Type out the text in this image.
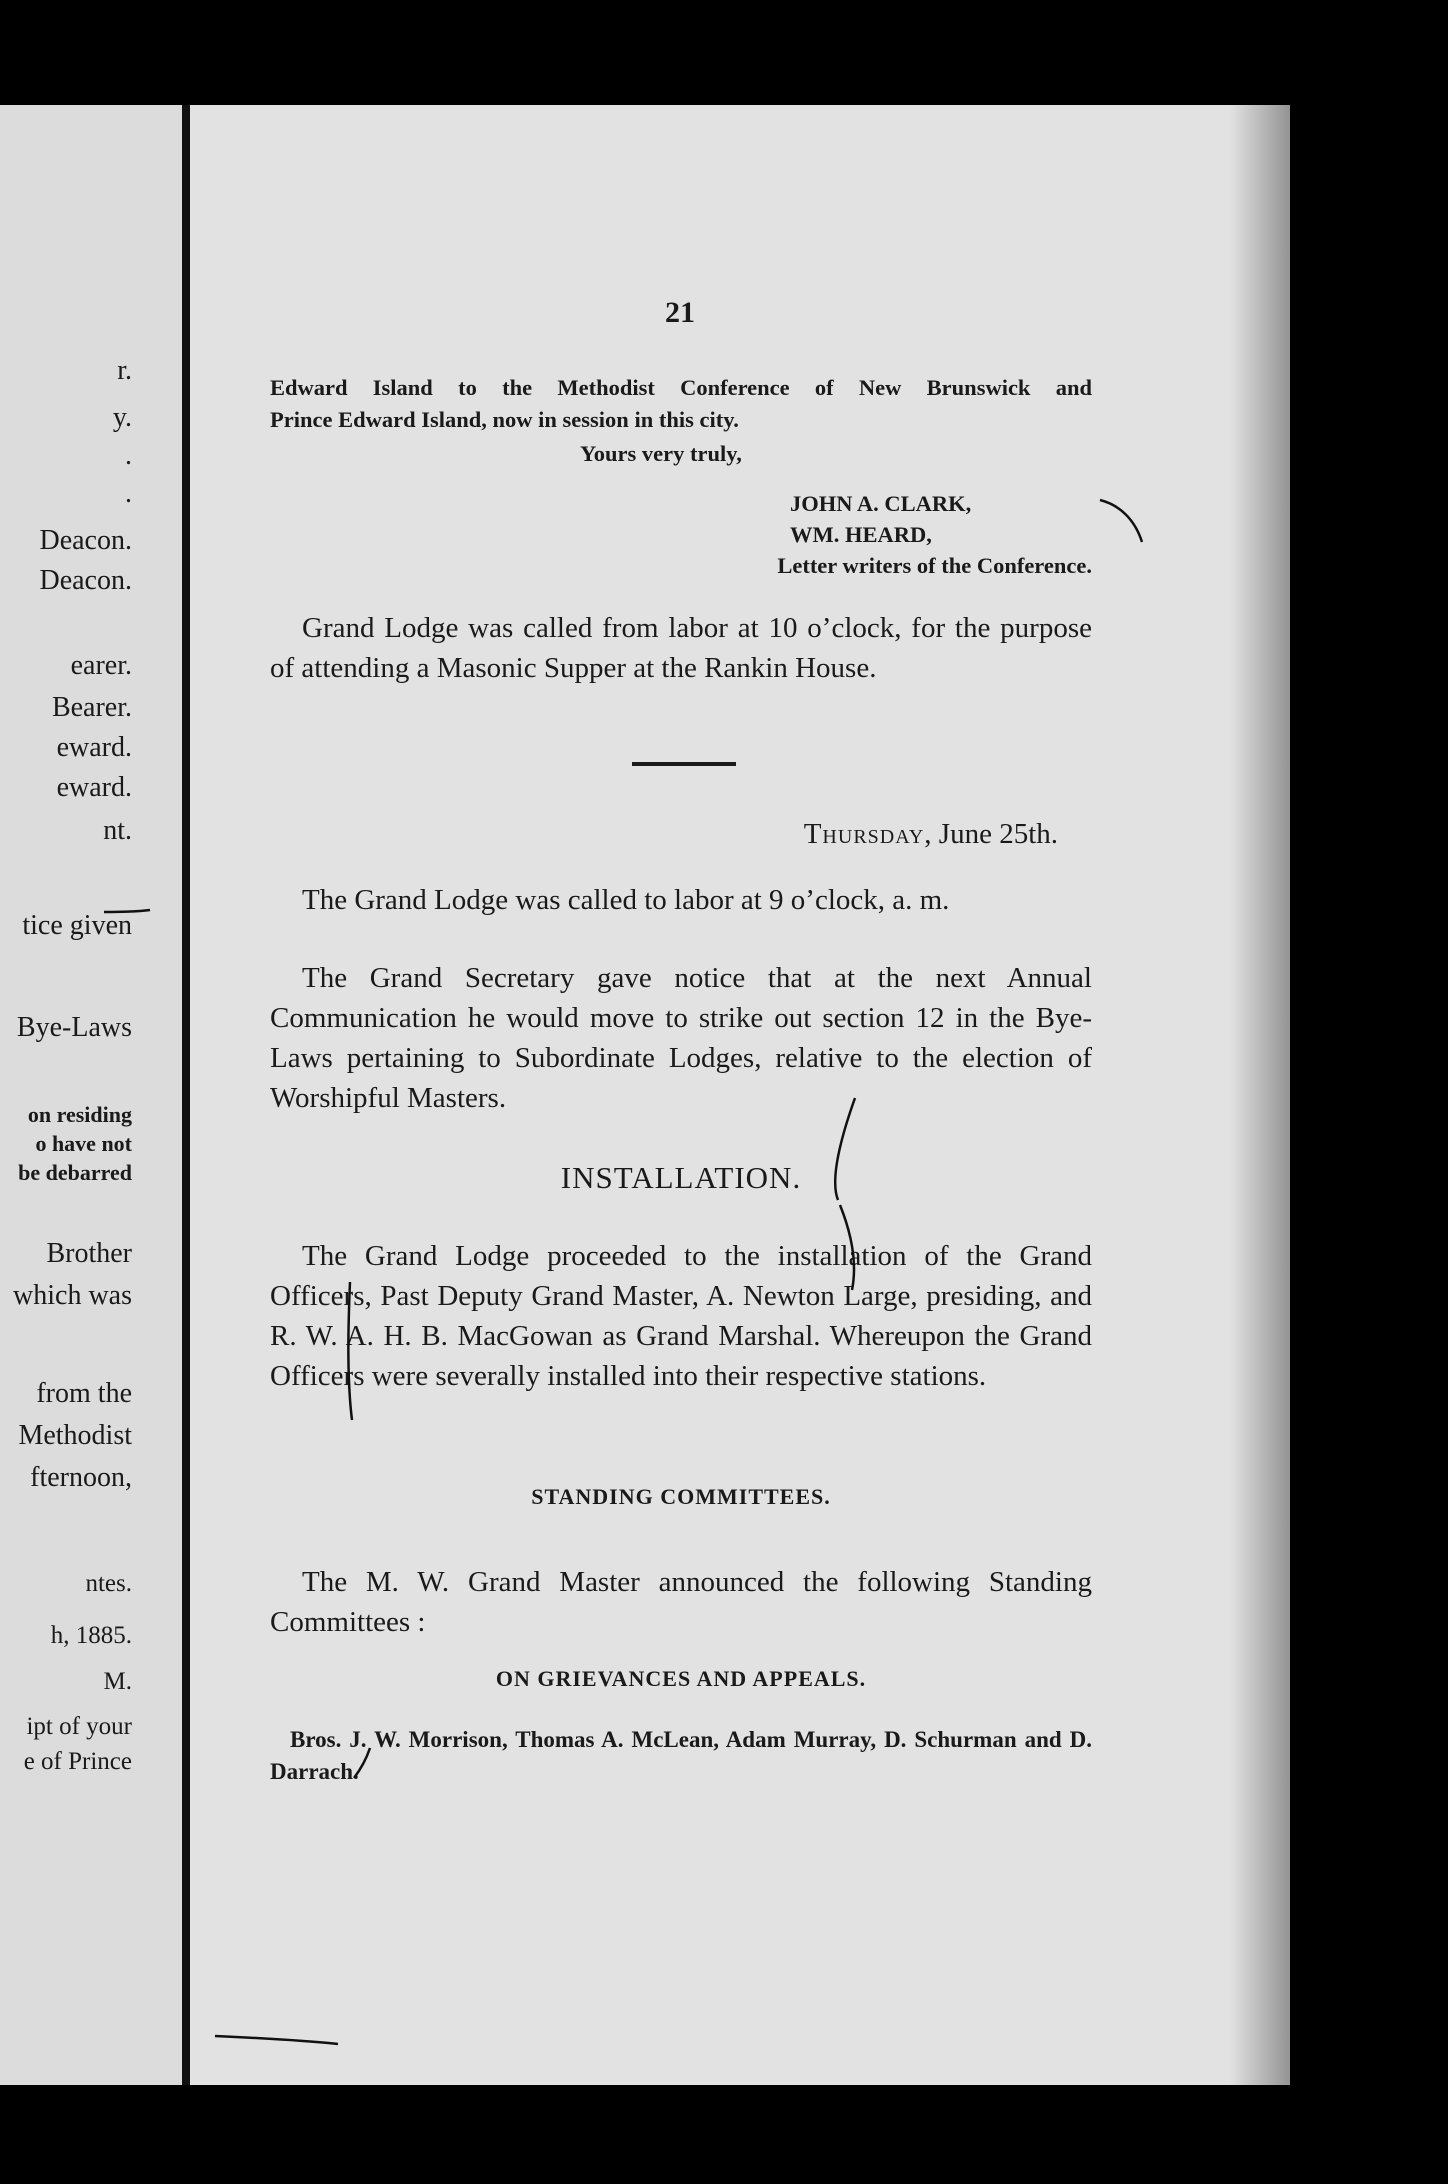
r.
y.
.
.
Deacon.
Deacon.
earer.
Bearer.
eward.
eward.
nt.
tice given
Bye-Laws
on residing
o have not
be debarred
Brother
which was
from the
Methodist
fternoon,
ntes.
h, 1885.
M.
ipt of your
e of Prince
21
Edward Island to the Methodist Conference of New Brunswick and
Prince Edward Island, now in session in this city.
Yours very truly,
JOHN A. CLARK,
WM. HEARD,
Letter writers of the Conference.

Grand Lodge was called from labor at 10 o’clock, for the purpose of attending a Masonic Supper at the Rankin House.

Thursday, June 25th.

The Grand Lodge was called to labor at 9 o’clock, a. m.

The Grand Secretary gave notice that at the next Annual Communication he would move to strike out section 12 in the Bye-Laws pertaining to Subordinate Lodges, relative to the election of Worshipful Masters.

INSTALLATION.

The Grand Lodge proceeded to the installation of the Grand Officers, Past Deputy Grand Master, A. Newton Large, presiding, and R. W. A. H. B. MacGowan as Grand Marshal. Whereupon the Grand Officers were severally installed into their respective stations.

STANDING COMMITTEES.

The M. W. Grand Master announced the following Standing Committees :

ON GRIEVANCES AND APPEALS.

Bros. J. W. Morrison, Thomas A. McLean, Adam Murray, D. Schurman and D. Darrach.
